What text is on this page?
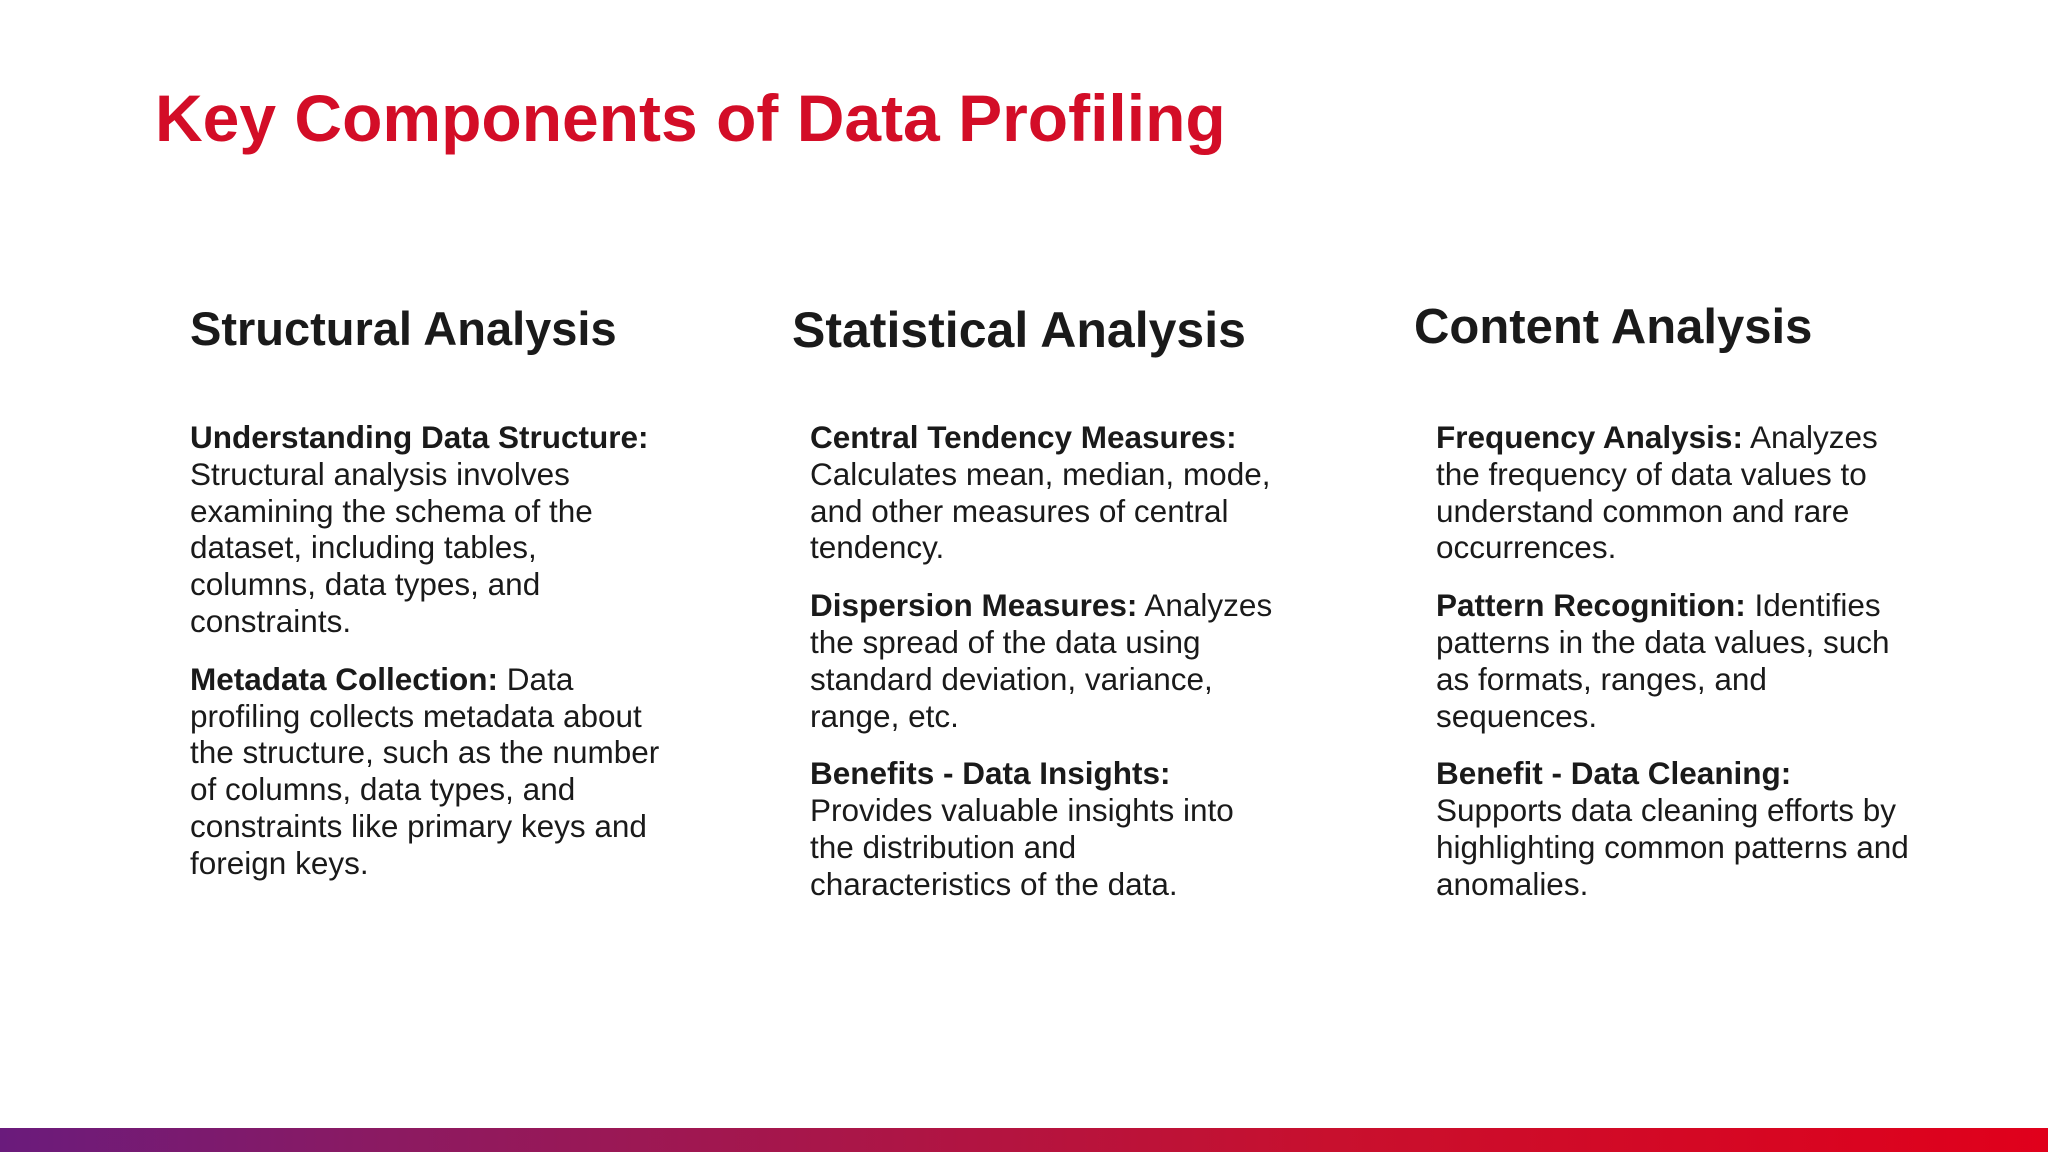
Key Components of Data Profiling
Structural Analysis

Understanding Data Structure: Structural analysis involves examining the schema of the dataset, including tables, columns, data types, and constraints.

Metadata Collection: Data profiling collects metadata about the structure, such as the number of columns, data types, and constraints like primary keys and foreign keys.

Statistical Analysis

Central Tendency Measures: Calculates mean, median, mode, and other measures of central tendency.

Dispersion Measures: Analyzes the spread of the data using standard deviation, variance, range, etc.

Benefits - Data Insights: Provides valuable insights into the distribution and characteristics of the data.

Content Analysis

Frequency Analysis: Analyzes the frequency of data values to understand common and rare occurrences.

Pattern Recognition: Identifies patterns in the data values, such as formats, ranges, and sequences.

Benefit - Data Cleaning: Supports data cleaning efforts by highlighting common patterns and anomalies.
